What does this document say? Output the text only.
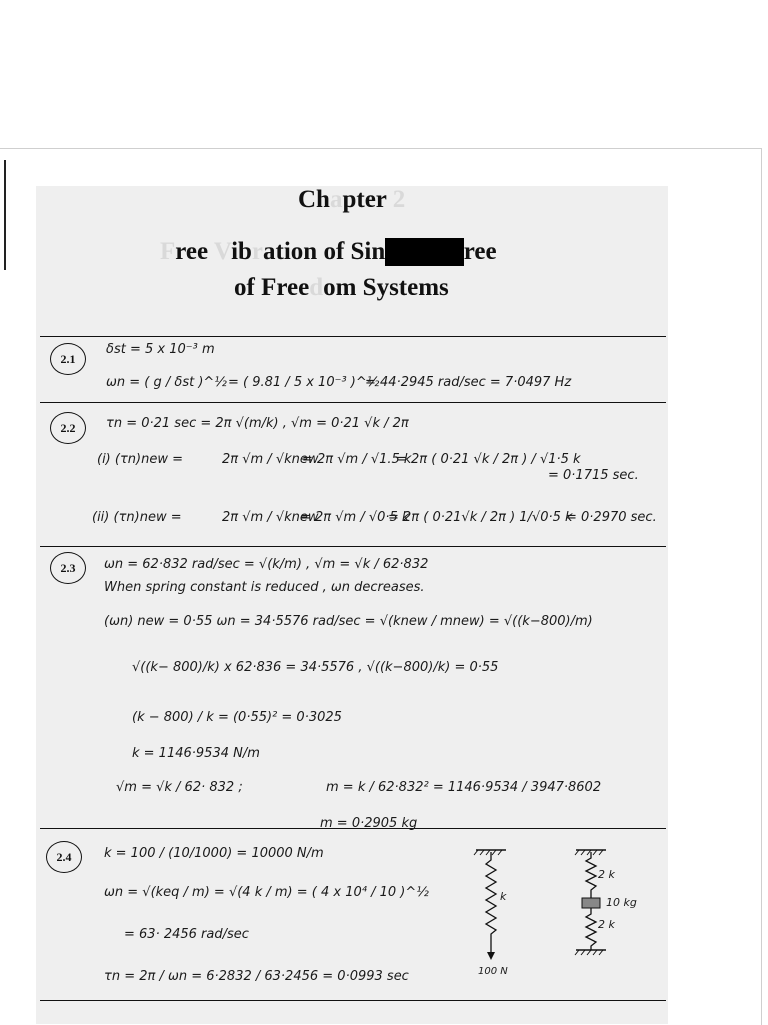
Chapter 2
Free Vibration of Single Degree
of Freedom Systems
2.1
δst = 5 x 10⁻³ m
ωn = ( g / δst )^½ = ( 9.81 / 5 x 10⁻³ )^½
= 44·2945 rad/sec = 7·0497 Hz
2.2	τn = 0·21 sec = 2π √(m/k) , √m = 0·21 √k / 2π
(i) (τn)new =	2π √m / √knew
= 2π √m / √1.5 k
= 2π ( 0·21 √k / 2π ) / √1·5 k
= 0·1715 sec.
(ii) (τn)new =	2π √m / √knew
= 2π √m / √0·5 k
= 2π ( 0·21√k / 2π ) 1/√0·5 k
= 0·2970 sec.
2.3	ωn = 62·832 rad/sec = √(k/m) , √m = √k / 62·832
When spring constant is reduced , ωn decreases.
(ωn) new = 0·55 ωn = 34·5576 rad/sec = √(knew / mnew) = √((k−800)/m)
√((k− 800)/k) x 62·836 = 34·5576 , √((k−800)/k) = 0·55
(k − 800) / k = (0·55)² = 0·3025
k = 1146·9534 N/m
√m = √k / 62· 832 ;	m = k / 62·832² = 1146·9534 / 3947·8602
m = 0·2905 kg
2.4	k = 100 / (10/1000) = 10000 N/m
ωn = √(keq / m) = √(4 k / m) = ( 4 x 10⁴ / 10 )^½
= 63· 2456 rad/sec
τn = 2π / ωn = 6·2832 / 63·2456 = 0·0993 sec
k
100 N
2 k
10 kg
2 k
